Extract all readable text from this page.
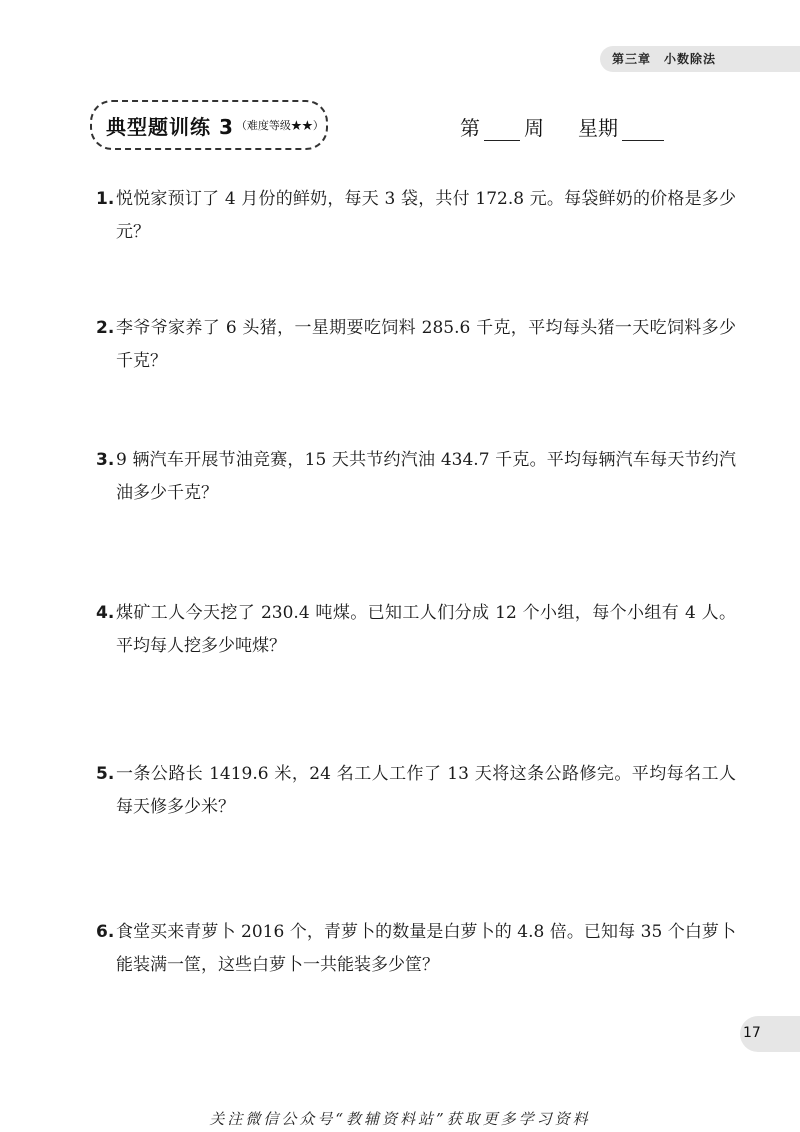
第三章　小数除法
典型题训练 3 （难度等级★★）	第 周 星期
1. 悦悦家预订了 4 月份的鲜奶，每天 3 袋，共付 172.8 元。每袋鲜奶的价格是多少元？
2. 李爷爷家养了 6 头猪，一星期要吃饲料 285.6 千克，平均每头猪一天吃饲料多少千克？
3. 9 辆汽车开展节油竞赛，15 天共节约汽油 434.7 千克。平均每辆汽车每天节约汽油多少千克？
4. 煤矿工人今天挖了 230.4 吨煤。已知工人们分成 12 个小组，每个小组有 4 人。平均每人挖多少吨煤？
5. 一条公路长 1419.6 米，24 名工人工作了 13 天将这条公路修完。平均每名工人每天修多少米？
6. 食堂买来青萝卜 2016 个，青萝卜的数量是白萝卜的 4.8 倍。已知每 35 个白萝卜能装满一筐，这些白萝卜一共能装多少筐？
17
关注微信公众号“教辅资料站”获取更多学习资料
